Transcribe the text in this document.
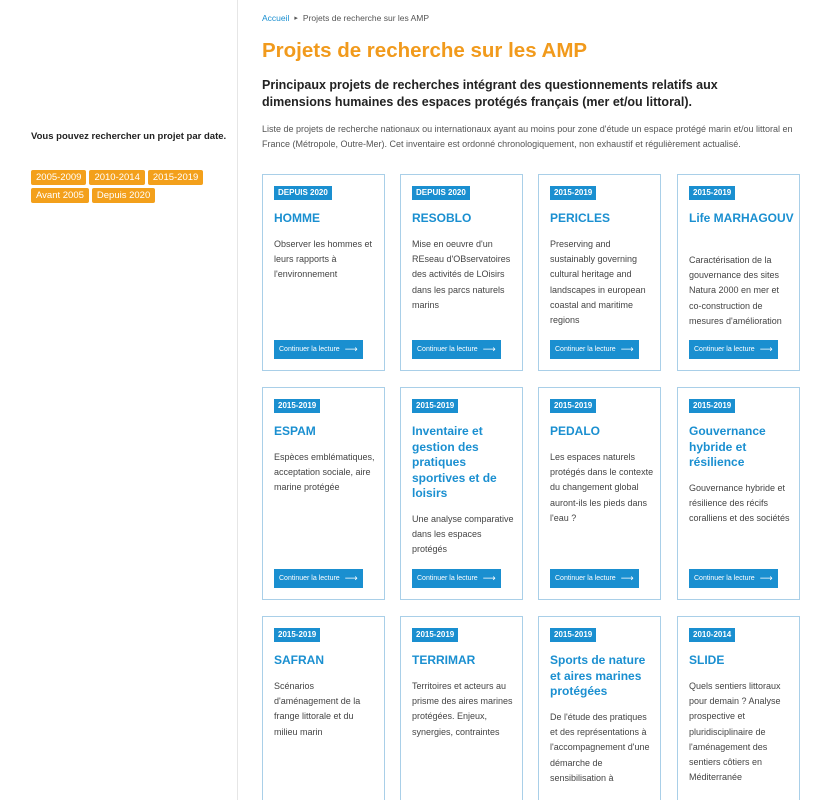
Vous pouvez rechercher un projet par date.

2005-2009	2010-2014	2015-2019
Avant 2005	Depuis 2020
Accueil ▸ Projets de recherche sur les AMP
Projets de recherche sur les AMP
Principaux projets de recherches intégrant des questionnements relatifs aux dimensions humaines des espaces protégés français (mer et/ou littoral).

Liste de projets de recherche nationaux ou internationaux ayant au moins pour zone d'étude un espace protégé marin et/ou littoral en France (Métropole, Outre-Mer). Cet inventaire est ordonné chronologiquement, non exhaustif et régulièrement actualisé.

DEPUIS 2020
HOMME

Observer les hommes et leurs rapports à l'environnement

Continuer la lecture ⟶
DEPUIS 2020
RESOBLO

Mise en oeuvre d'un REseau d'OBservatoires des activités de LOisirs dans les parcs naturels marins

Continuer la lecture ⟶
2015-2019
PERICLES

Preserving and sustainably governing cultural heritage and landscapes in european coastal and maritime regions

Continuer la lecture ⟶
2015-2019
Life MARHAGOUV

Caractérisation de la gouvernance des sites Natura 2000 en mer et co-construction de mesures d'amélioration

Continuer la lecture ⟶
2015-2019
ESPAM

Espèces emblématiques, acceptation sociale, aire marine protégée

Continuer la lecture ⟶
2015-2019
Inventaire et gestion des pratiques sportives et de loisirs

Une analyse comparative dans les espaces protégés

Continuer la lecture ⟶
2015-2019
PEDALO

Les espaces naturels protégés dans le contexte du changement global auront-ils les pieds dans l'eau ?

Continuer la lecture ⟶
2015-2019
Gouvernance hybride et résilience

Gouvernance hybride et résilience des récifs coralliens et des sociétés

Continuer la lecture ⟶
2015-2019
SAFRAN

Scénarios d'aménagement de la frange littorale et du milieu marin

2015-2019
TERRIMAR

Territoires et acteurs au prisme des aires marines protégées. Enjeux, synergies, contraintes

2015-2019
Sports de nature et aires marines protégées

De l'étude des pratiques et des représentations à l'accompagnement d'une démarche de sensibilisation à

2010-2014
SLIDE

Quels sentiers littoraux pour demain ? Analyse prospective et pluridisciplinaire de l'aménagement des sentiers côtiers en Méditerranée
